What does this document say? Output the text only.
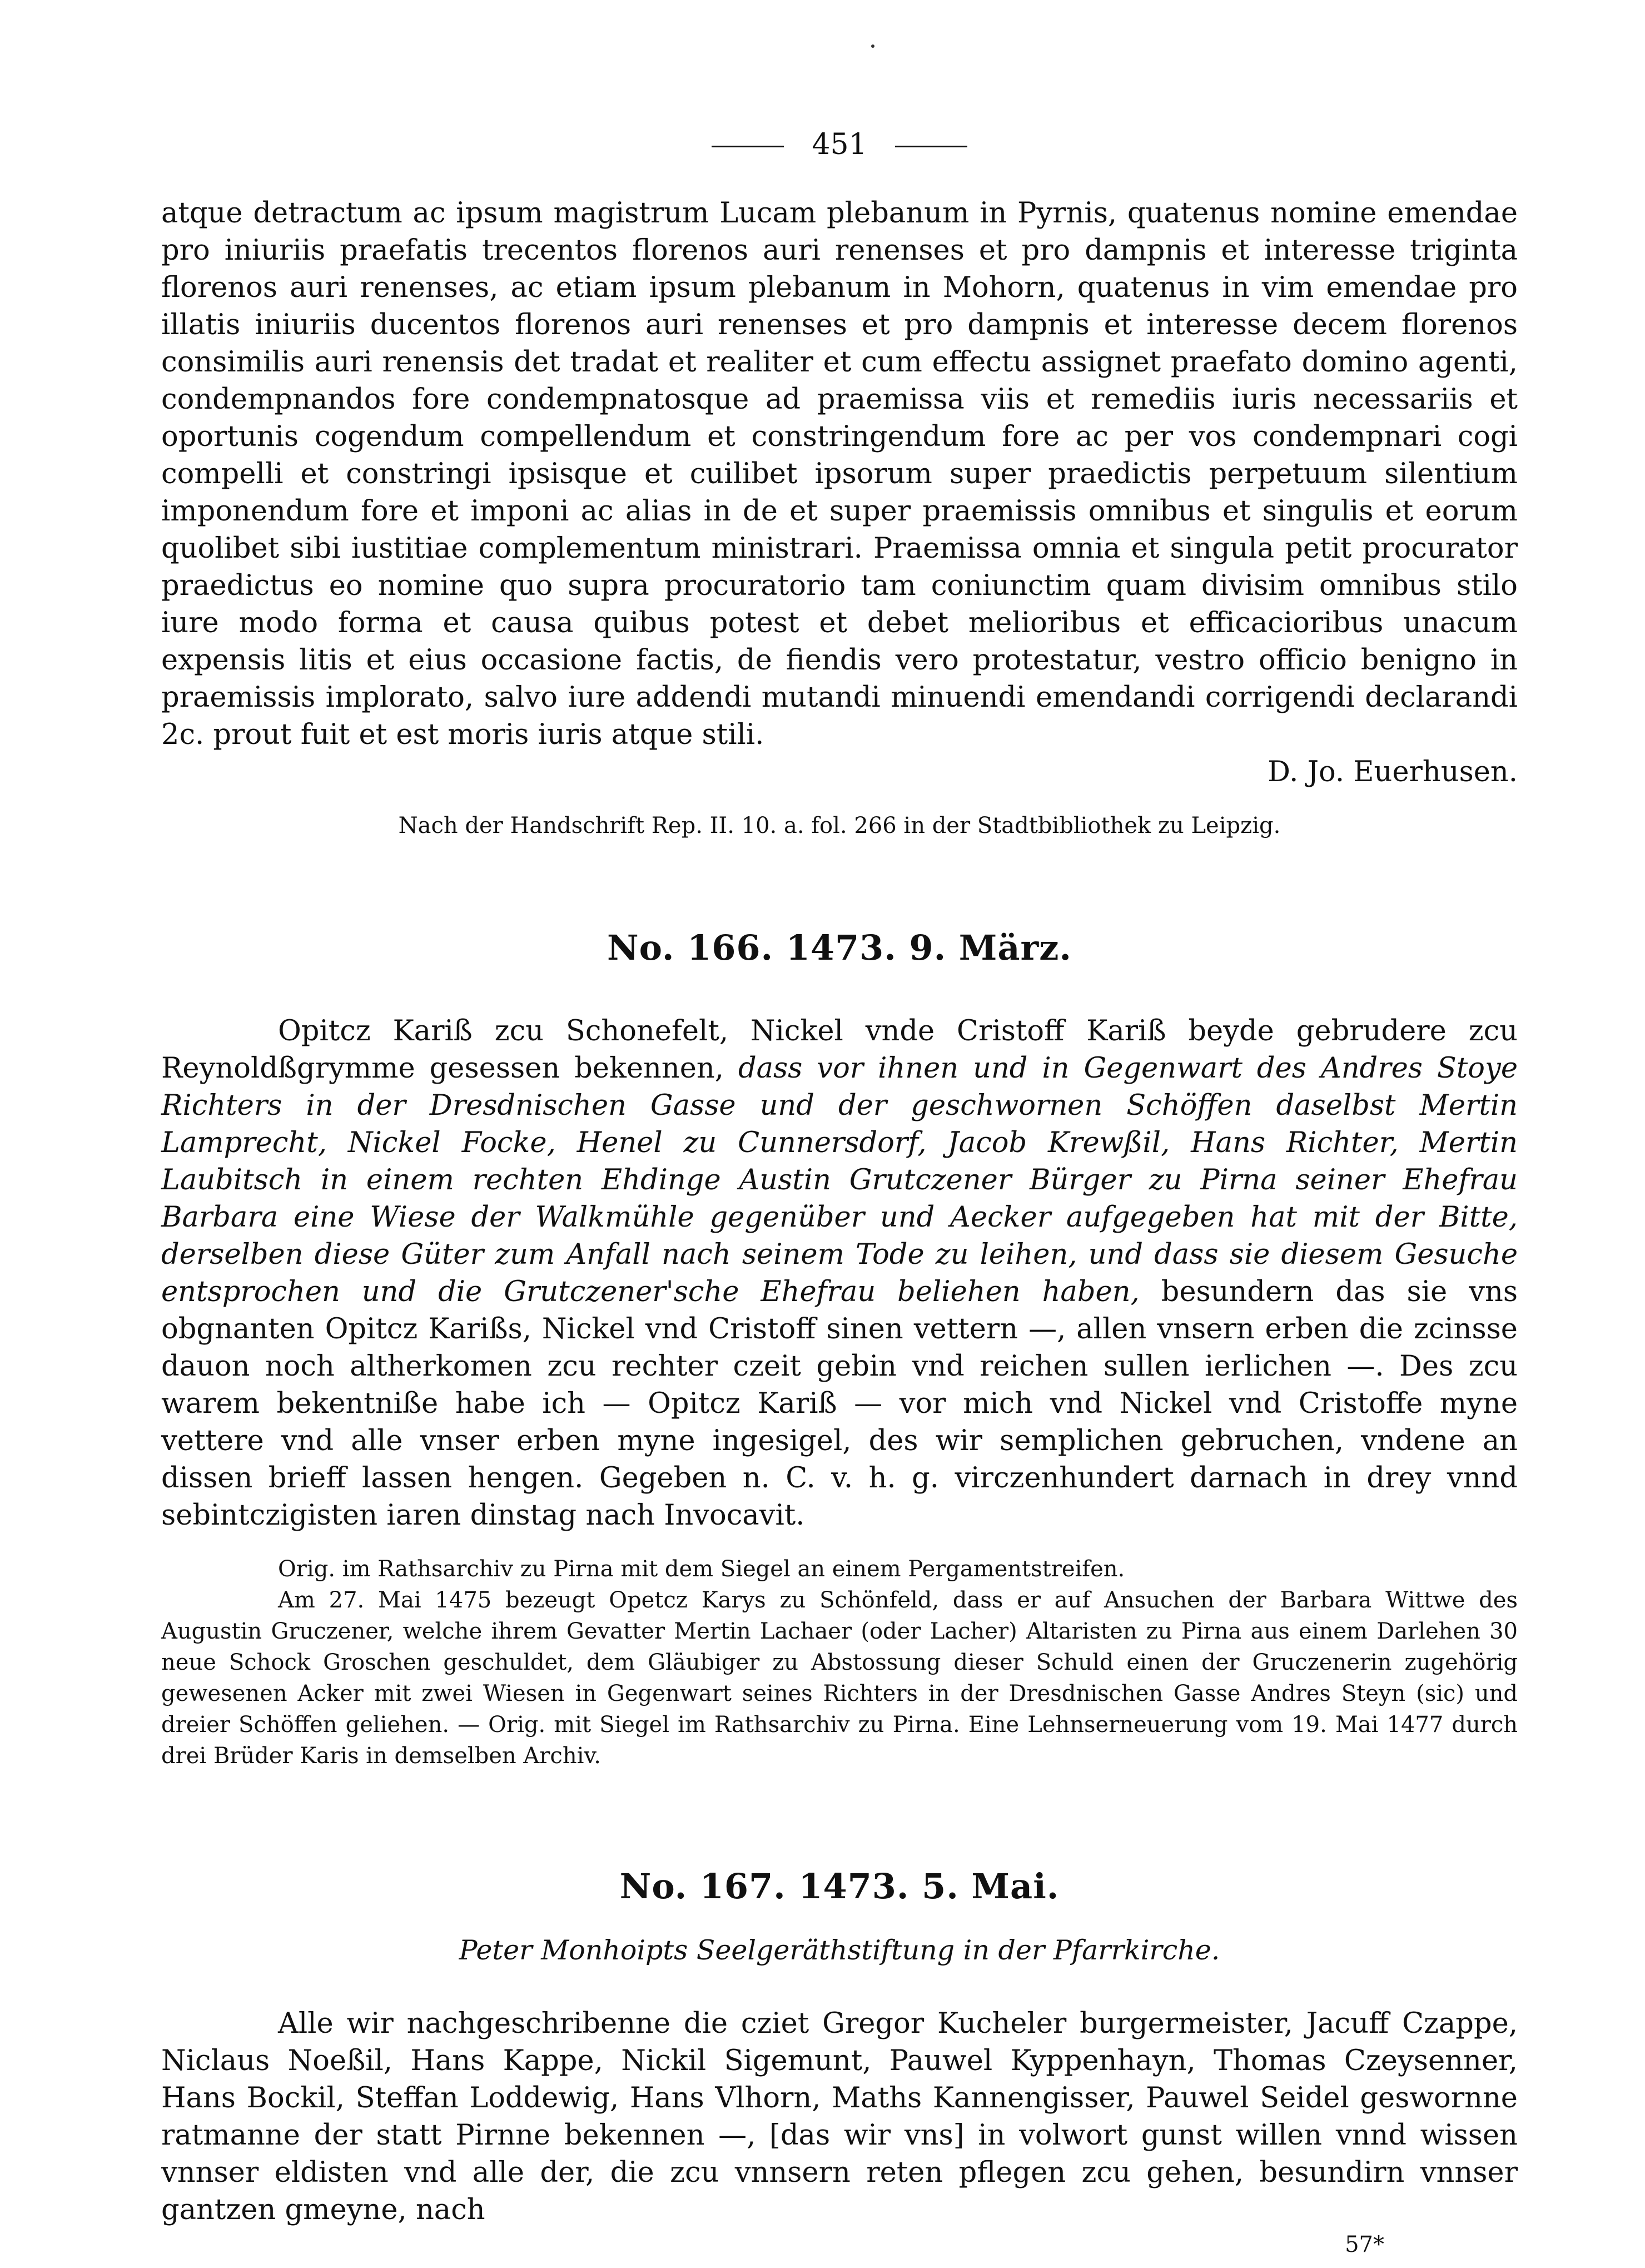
451

atque detractum ac ipsum magistrum Lucam plebanum in Pyrnis, quatenus nomine emendae pro iniuriis praefatis trecentos florenos auri renenses et pro dampnis et interesse triginta florenos auri renenses, ac etiam ipsum plebanum in Mohorn, quatenus in vim emendae pro illatis iniuriis ducentos florenos auri renenses et pro dampnis et interesse decem florenos consimilis auri renensis det tradat et realiter et cum effectu assignet praefato domino agenti, condempnandos fore condempnatosque ad praemissa viis et remediis iuris necessariis et oportunis cogendum compellendum et constringendum fore ac per vos condempnari cogi compelli et constringi ipsisque et cuilibet ipsorum super praedictis perpetuum silentium imponendum fore et imponi ac alias in de et super praemissis omnibus et singulis et eorum quolibet sibi iustitiae complementum ministrari. Praemissa omnia et singula petit procurator praedictus eo nomine quo supra procuratorio tam coniunctim quam divisim omnibus stilo iure modo forma et causa quibus potest et debet melioribus et efficacioribus unacum expensis litis et eius occasione factis, de fiendis vero protestatur, vestro officio benigno in praemissis implorato, salvo iure addendi mutandi minuendi emendandi corrigendi declarandi 2c. prout fuit et est moris iuris atque stili.

D. Jo. Euerhusen.

Nach der Handschrift Rep. II. 10. a. fol. 266 in der Stadtbibliothek zu Leipzig.

No. 166. 1473. 9. März.

Opitcz Kariß zcu Schonefelt, Nickel vnde Cristoff Kariß beyde gebrudere zcu Reynoldßgrymme gesessen bekennen, dass vor ihnen und in Gegenwart des Andres Stoye Richters in der Dresdnischen Gasse und der geschwornen Schöffen daselbst Mertin Lamprecht, Nickel Focke, Henel zu Cunnersdorf, Jacob Krewßil, Hans Richter, Mertin Laubitsch in einem rechten Ehdinge Austin Grutczener Bürger zu Pirna seiner Ehefrau Barbara eine Wiese der Walkmühle gegenüber und Aecker aufgegeben hat mit der Bitte, derselben diese Güter zum Anfall nach seinem Tode zu leihen, und dass sie diesem Gesuche entsprochen und die Grutczener'sche Ehefrau beliehen haben, besundern das sie vns obgnanten Opitcz Karißs, Nickel vnd Cristoff sinen vettern —, allen vnsern erben die zcinsse dauon noch altherkomen zcu rechter czeit gebin vnd reichen sullen ierlichen —. Des zcu warem bekentniße habe ich — Opitcz Kariß — vor mich vnd Nickel vnd Cristoffe myne vettere vnd alle vnser erben myne ingesigel, des wir semplichen gebruchen, vndene an dissen brieff lassen hengen. Gegeben n. C. v. h. g. virczenhundert darnach in drey vnnd sebintczigisten iaren dinstag nach Invocavit.

Orig. im Rathsarchiv zu Pirna mit dem Siegel an einem Pergamentstreifen.

Am 27. Mai 1475 bezeugt Opetcz Karys zu Schönfeld, dass er auf Ansuchen der Barbara Wittwe des Augustin Gruczener, welche ihrem Gevatter Mertin Lachaer (oder Lacher) Altaristen zu Pirna aus einem Darlehen 30 neue Schock Groschen geschuldet, dem Gläubiger zu Abstossung dieser Schuld einen der Gruczenerin zugehörig gewesenen Acker mit zwei Wiesen in Gegenwart seines Richters in der Dresdnischen Gasse Andres Steyn (sic) und dreier Schöffen geliehen. — Orig. mit Siegel im Rathsarchiv zu Pirna. Eine Lehnserneuerung vom 19. Mai 1477 durch drei Brüder Karis in demselben Archiv.

No. 167. 1473. 5. Mai.

Peter Monhoipts Seelgeräthstiftung in der Pfarrkirche.

Alle wir nachgeschribenne die cziet Gregor Kucheler burgermeister, Jacuff Czappe, Niclaus Noeßil, Hans Kappe, Nickil Sigemunt, Pauwel Kyppenhayn, Thomas Czeysenner, Hans Bockil, Steffan Loddewig, Hans Vlhorn, Maths Kannengisser, Pauwel Seidel geswornne ratmanne der statt Pirnne bekennen —, [das wir vns] in volwort gunst willen vnnd wissen vnnser eldisten vnd alle der, die zcu vnnsern reten pflegen zcu gehen, besundirn vnnser gantzen gmeyne, nach

57*
